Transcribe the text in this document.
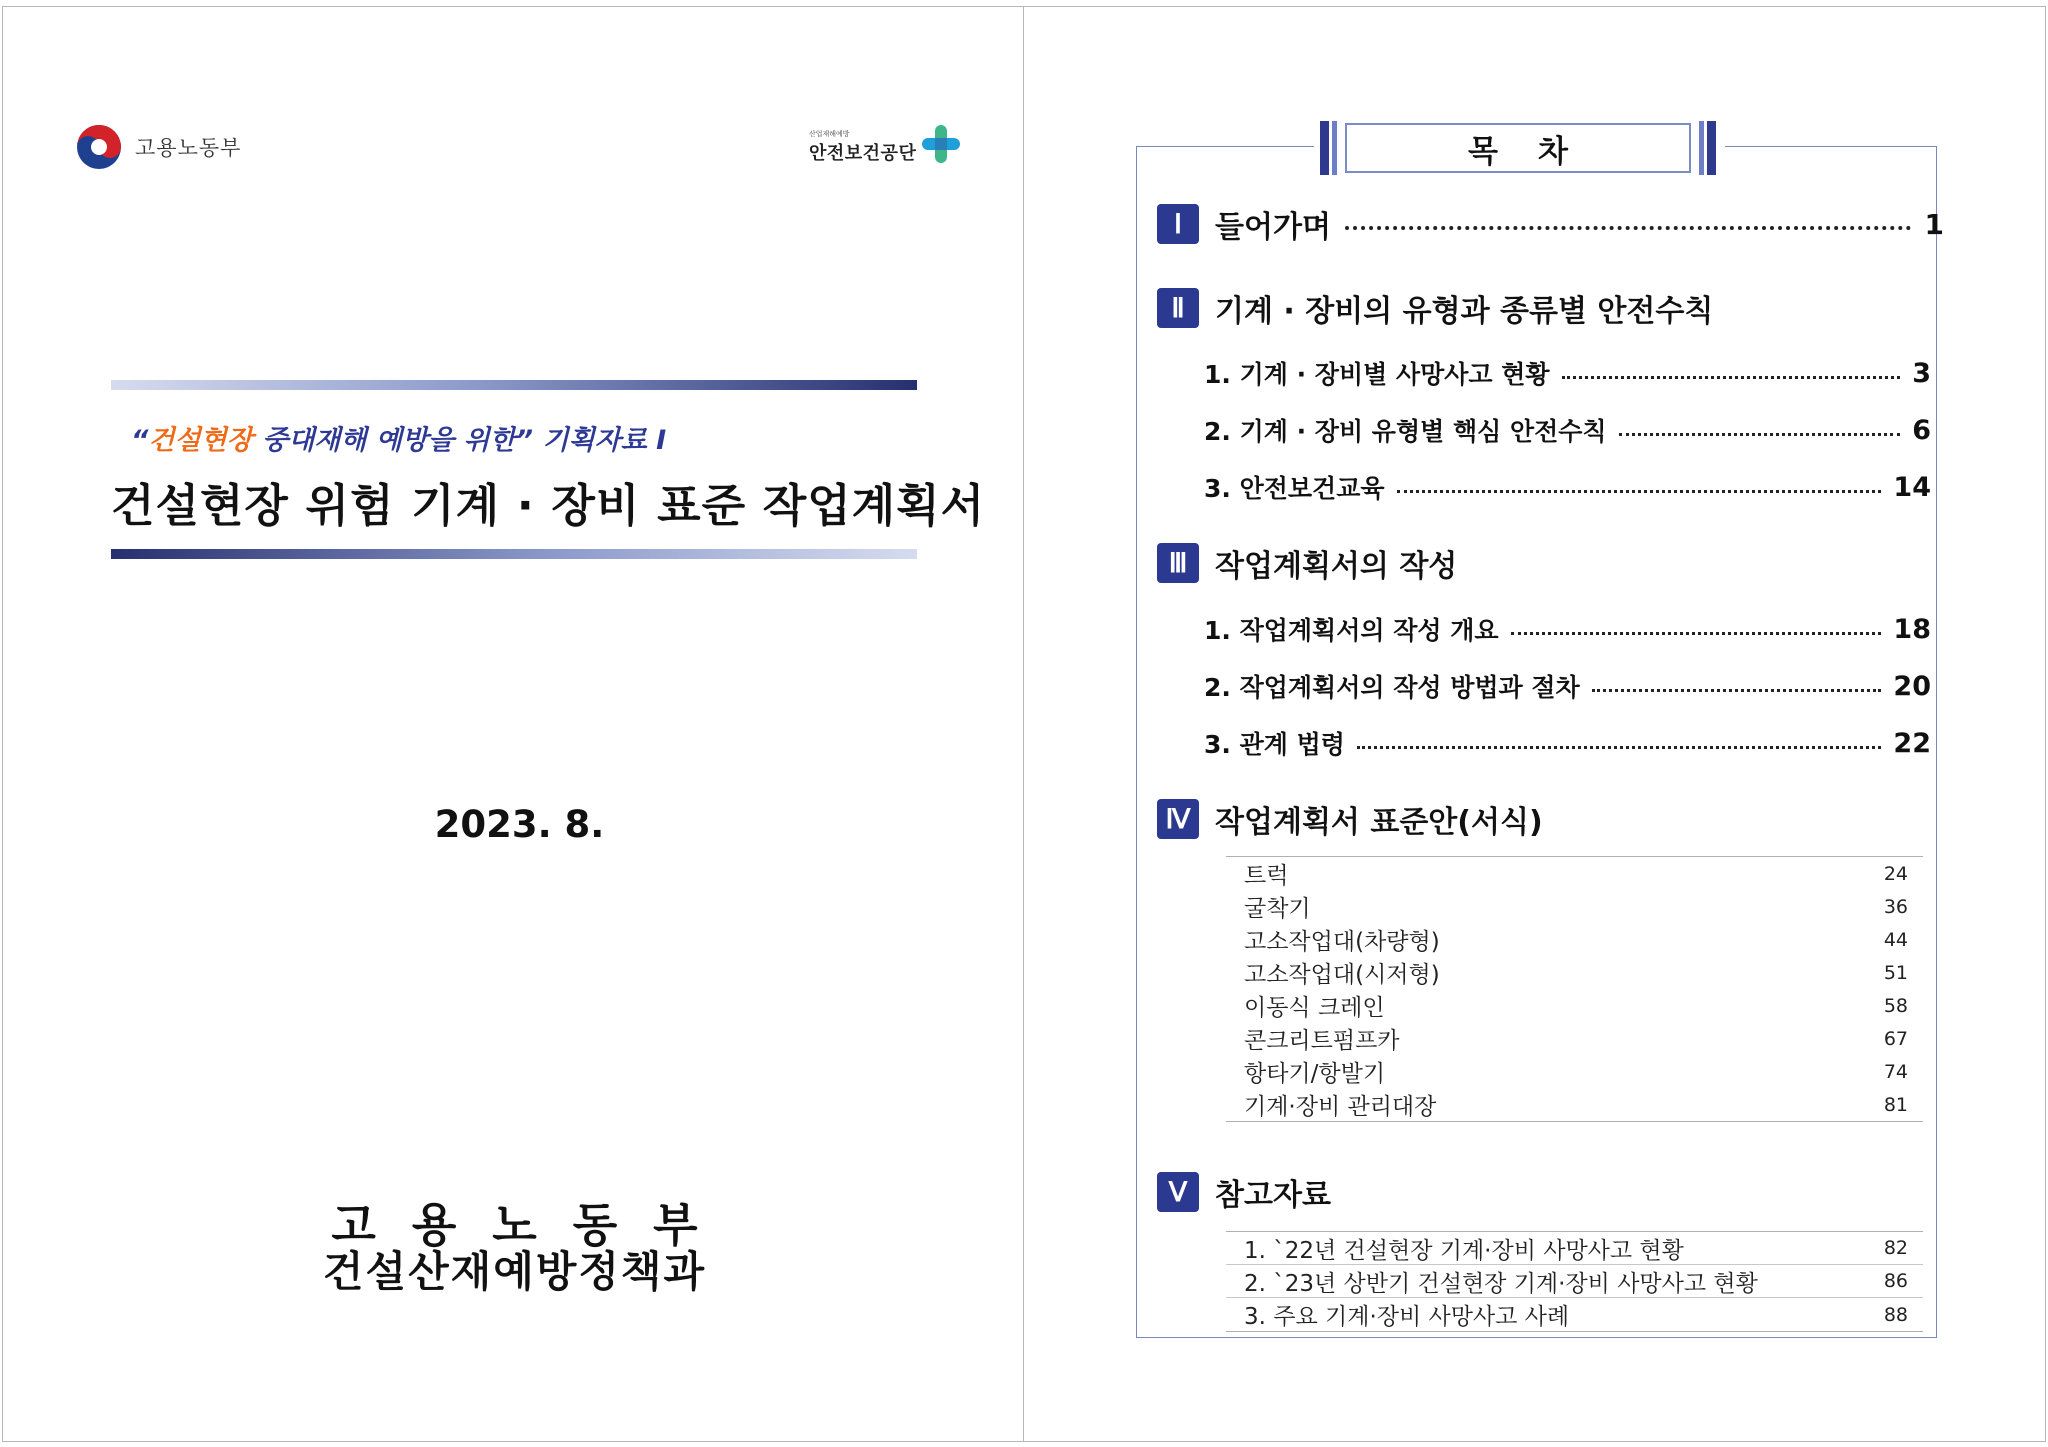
고용노동부
산업재해예방
안전보건공단
“건설현장 중대재해 예방을 위한” 기획자료 Ⅰ
건설현장 위험 기계 · 장비 표준 작업계획서
2023. 8.
고용노동부
건설산재예방정책과
목차
Ⅰ	들어가며	1
Ⅱ	기계 · 장비의 유형과 종류별 안전수칙
1. 기계 · 장비별 사망사고 현황	3
2. 기계 · 장비 유형별 핵심 안전수칙	6
3. 안전보건교육	14
Ⅲ 작업계획서의 작성
1. 작업계획서의 작성 개요	18
2. 작업계획서의 작성 방법과 절차	20
3. 관계 법령	22
Ⅳ 작업계획서 표준안(서식)
트럭	24
굴착기	36
고소작업대(차량형)	44
고소작업대(시저형)	51
이동식 크레인	58
콘크리트펌프카	67
항타기/항발기	74
기계·장비 관리대장	81
Ⅴ 참고자료
1. `22년 건설현장 기계·장비 사망사고 현황	82
2. `23년 상반기 건설현장 기계·장비 사망사고 현황	86
3. 주요 기계·장비 사망사고 사례	88
